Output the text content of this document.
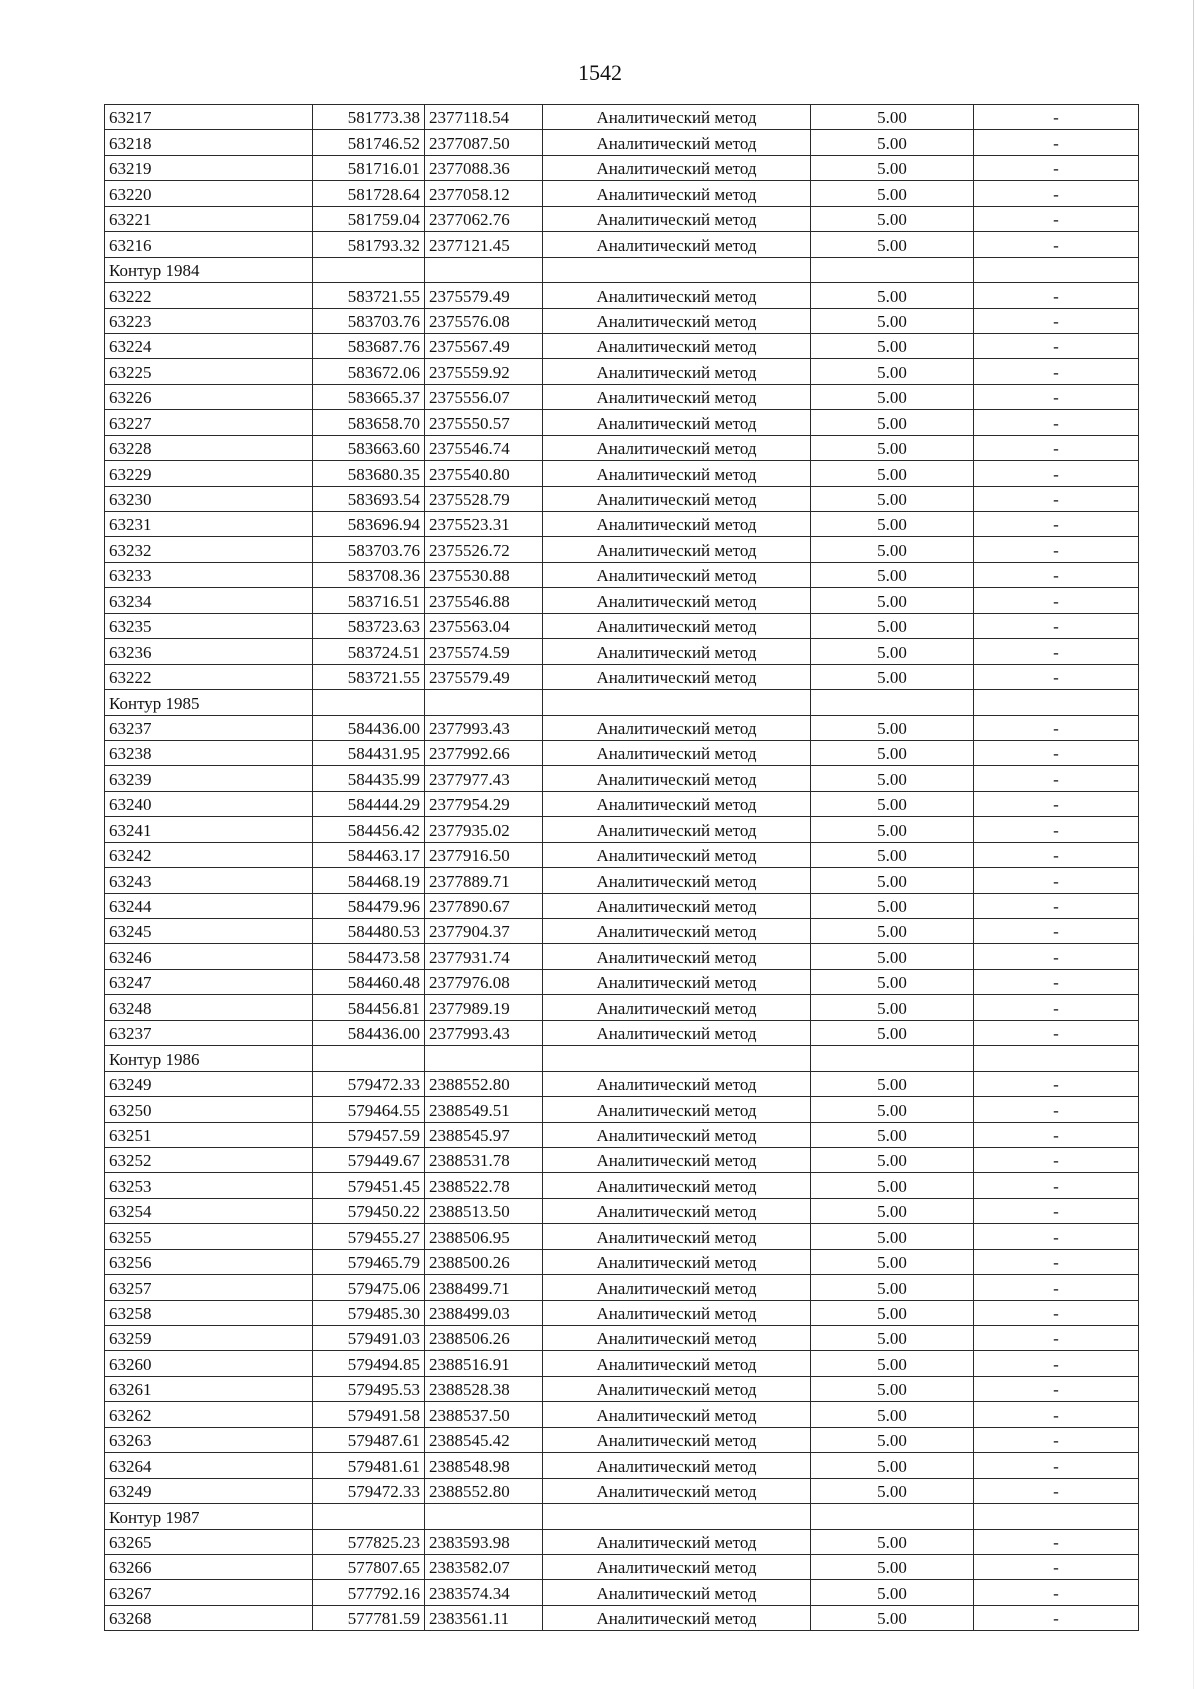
1542
63217	581773.38	2377118.54	Аналитический метод	5.00	-
63218	581746.52	2377087.50	Аналитический метод	5.00	-
63219	581716.01	2377088.36	Аналитический метод	5.00	-
63220	581728.64	2377058.12	Аналитический метод	5.00	-
63221	581759.04	2377062.76	Аналитический метод	5.00	-
63216	581793.32	2377121.45	Аналитический метод	5.00	-
Контур 1984					
63222	583721.55	2375579.49	Аналитический метод	5.00	-
63223	583703.76	2375576.08	Аналитический метод	5.00	-
63224	583687.76	2375567.49	Аналитический метод	5.00	-
63225	583672.06	2375559.92	Аналитический метод	5.00	-
63226	583665.37	2375556.07	Аналитический метод	5.00	-
63227	583658.70	2375550.57	Аналитический метод	5.00	-
63228	583663.60	2375546.74	Аналитический метод	5.00	-
63229	583680.35	2375540.80	Аналитический метод	5.00	-
63230	583693.54	2375528.79	Аналитический метод	5.00	-
63231	583696.94	2375523.31	Аналитический метод	5.00	-
63232	583703.76	2375526.72	Аналитический метод	5.00	-
63233	583708.36	2375530.88	Аналитический метод	5.00	-
63234	583716.51	2375546.88	Аналитический метод	5.00	-
63235	583723.63	2375563.04	Аналитический метод	5.00	-
63236	583724.51	2375574.59	Аналитический метод	5.00	-
63222	583721.55	2375579.49	Аналитический метод	5.00	-
Контур 1985					
63237	584436.00	2377993.43	Аналитический метод	5.00	-
63238	584431.95	2377992.66	Аналитический метод	5.00	-
63239	584435.99	2377977.43	Аналитический метод	5.00	-
63240	584444.29	2377954.29	Аналитический метод	5.00	-
63241	584456.42	2377935.02	Аналитический метод	5.00	-
63242	584463.17	2377916.50	Аналитический метод	5.00	-
63243	584468.19	2377889.71	Аналитический метод	5.00	-
63244	584479.96	2377890.67	Аналитический метод	5.00	-
63245	584480.53	2377904.37	Аналитический метод	5.00	-
63246	584473.58	2377931.74	Аналитический метод	5.00	-
63247	584460.48	2377976.08	Аналитический метод	5.00	-
63248	584456.81	2377989.19	Аналитический метод	5.00	-
63237	584436.00	2377993.43	Аналитический метод	5.00	-
Контур 1986					
63249	579472.33	2388552.80	Аналитический метод	5.00	-
63250	579464.55	2388549.51	Аналитический метод	5.00	-
63251	579457.59	2388545.97	Аналитический метод	5.00	-
63252	579449.67	2388531.78	Аналитический метод	5.00	-
63253	579451.45	2388522.78	Аналитический метод	5.00	-
63254	579450.22	2388513.50	Аналитический метод	5.00	-
63255	579455.27	2388506.95	Аналитический метод	5.00	-
63256	579465.79	2388500.26	Аналитический метод	5.00	-
63257	579475.06	2388499.71	Аналитический метод	5.00	-
63258	579485.30	2388499.03	Аналитический метод	5.00	-
63259	579491.03	2388506.26	Аналитический метод	5.00	-
63260	579494.85	2388516.91	Аналитический метод	5.00	-
63261	579495.53	2388528.38	Аналитический метод	5.00	-
63262	579491.58	2388537.50	Аналитический метод	5.00	-
63263	579487.61	2388545.42	Аналитический метод	5.00	-
63264	579481.61	2388548.98	Аналитический метод	5.00	-
63249	579472.33	2388552.80	Аналитический метод	5.00	-
Контур 1987					
63265	577825.23	2383593.98	Аналитический метод	5.00	-
63266	577807.65	2383582.07	Аналитический метод	5.00	-
63267	577792.16	2383574.34	Аналитический метод	5.00	-
63268	577781.59	2383561.11	Аналитический метод	5.00	-
